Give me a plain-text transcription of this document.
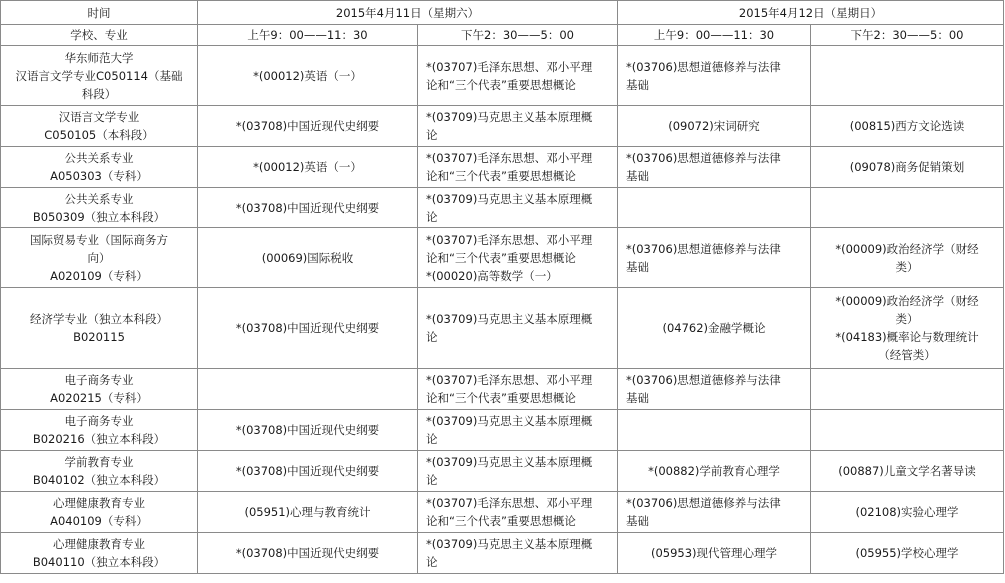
时间	2015年4月11日（星期六）		2015年4月12日（星期日）	
学校、专业	上午9：00——11：30	下午2：30——5：00	上午9：00——11：30	下午2：30——5：00

华东师范大学
汉语言文学专业C050114（基础
科段）	*(00012)英语（一）	*(03707)毛泽东思想、邓小平理
论和“三个代表”重要思想概论	*(03706)思想道德修养与法律
基础	

汉语言文学专业
C050105（本科段）	*(03708)中国近现代史纲要	*(03709)马克思主义基本原理概
论	(09072)宋词研究	(00815)西方文论选读

公共关系专业
A050303（专科）	*(00012)英语（一）	*(03707)毛泽东思想、邓小平理
论和“三个代表”重要思想概论	*(03706)思想道德修养与法律
基础	(09078)商务促销策划

公共关系专业
B050309（独立本科段）	*(03708)中国近现代史纲要	*(03709)马克思主义基本原理概
论		

国际贸易专业（国际商务方
向）
A020109（专科）	(00069)国际税收	*(03707)毛泽东思想、邓小平理
论和“三个代表”重要思想概论
*(00020)高等数学（一）	*(03706)思想道德修养与法律
基础	*(00009)政治经济学（财经
类）

经济学专业（独立本科段）
B020115	*(03708)中国近现代史纲要	*(03709)马克思主义基本原理概
论	(04762)金融学概论	*(00009)政治经济学（财经
类）
*(04183)概率论与数理统计
（经管类）

电子商务专业
A020215（专科）		*(03707)毛泽东思想、邓小平理
论和“三个代表”重要思想概论	*(03706)思想道德修养与法律
基础	

电子商务专业
B020216（独立本科段）	*(03708)中国近现代史纲要	*(03709)马克思主义基本原理概
论		

学前教育专业
B040102（独立本科段）	*(03708)中国近现代史纲要	*(03709)马克思主义基本原理概
论	*(00882)学前教育心理学	(00887)儿童文学名著导读

心理健康教育专业
A040109（专科）	(05951)心理与教育统计	*(03707)毛泽东思想、邓小平理
论和“三个代表”重要思想概论	*(03706)思想道德修养与法律
基础	(02108)实验心理学

心理健康教育专业
B040110（独立本科段）	*(03708)中国近现代史纲要	*(03709)马克思主义基本原理概
论	(05953)现代管理心理学	(05955)学校心理学
